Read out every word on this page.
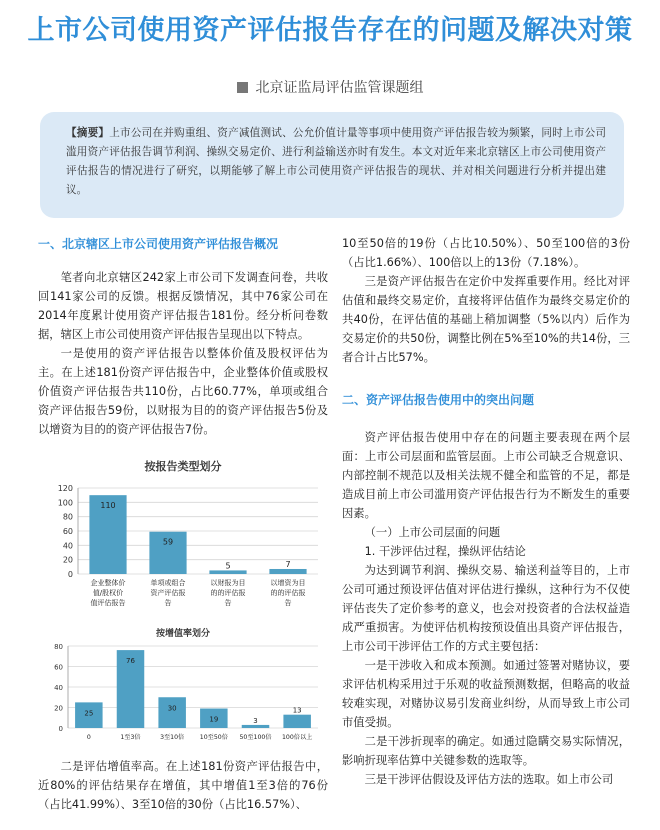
上市公司使用资产评估报告存在的问题及解决对策
北京证监局评估监管课题组
【摘要】上市公司在并购重组、资产减值测试、公允价值计量等事项中使用资产评估报告较为频繁，同时上市公司滥用资产评估报告调节利润、操纵交易定价、进行利益输送亦时有发生。本文对近年来北京辖区上市公司使用资产评估报告的情况进行了研究，以期能够了解上市公司使用资产评估报告的现状、并对相关问题进行分析并提出建议。
一、北京辖区上市公司使用资产评估报告概况

笔者向北京辖区242家上市公司下发调查问卷，共收回141家公司的反馈。根据反馈情况，其中76家公司在2014年度累计使用资产评估报告181份。经分析问卷数据，辖区上市公司使用资产评估报告呈现出以下特点。

一是使用的资产评估报告以整体价值及股权评估为主。在上述181份资产评估报告中，企业整体价值或股权价值资产评估报告共110份，占比60.77%，单项或组合资产评估报告59份，以财报为目的的资产评估报告5份及以增资为目的的资产评估报告7份。

按报告类型划分
0
20
40
60
80
100
120
110
企业整体价
值/股权价
值评估报告
59
单项或组合
资产评估报
告
5
以财报为目
的的评估报
告
7
以增资为目
的的评估报
告
按增值率划分
0
20
40
60
80
25
0
76
1至3倍
30
3至10倍
19
10至50倍
3
50至100倍
13
100倍以上

二是评估增值率高。在上述181份资产评估报告中，近80%的评估结果存在增值，其中增值1至3倍的76份（占比41.99%）、3至10倍的30份（占比16.57%）、

10至50倍的19份（占比10.50%）、50至100倍的3份（占比1.66%）、100倍以上的13份（7.18%）。

三是资产评估报告在定价中发挥重要作用。经比对评估值和最终交易定价，直接将评估值作为最终交易定价的共40份，在评估值的基础上稍加调整（5%以内）后作为交易定价的共50份，调整比例在5%至10%的共14份，三者合计占比57%。

二、资产评估报告使用中的突出问题

资产评估报告使用中存在的问题主要表现在两个层面：上市公司层面和监管层面。上市公司缺乏合规意识、内部控制不规范以及相关法规不健全和监管的不足，都是造成目前上市公司滥用资产评估报告行为不断发生的重要因素。

（一）上市公司层面的问题
1. 干涉评估过程，操纵评估结论

为达到调节利润、操纵交易、输送利益等目的，上市公司可通过预设评估值对评估进行操纵，这种行为不仅使评估丧失了定价参考的意义，也会对投资者的合法权益造成严重损害。为使评估机构按预设值出具资产评估报告，上市公司干涉评估工作的方式主要包括：

一是干涉收入和成本预测。如通过签署对赌协议，要求评估机构采用过于乐观的收益预测数据，但略高的收益较难实现，对赌协议易引发商业纠纷，从而导致上市公司市值受损。

二是干涉折现率的确定。如通过隐瞒交易实际情况，影响折现率估算中关键参数的选取等。

三是干涉评估假设及评估方法的选取。如上市公司
